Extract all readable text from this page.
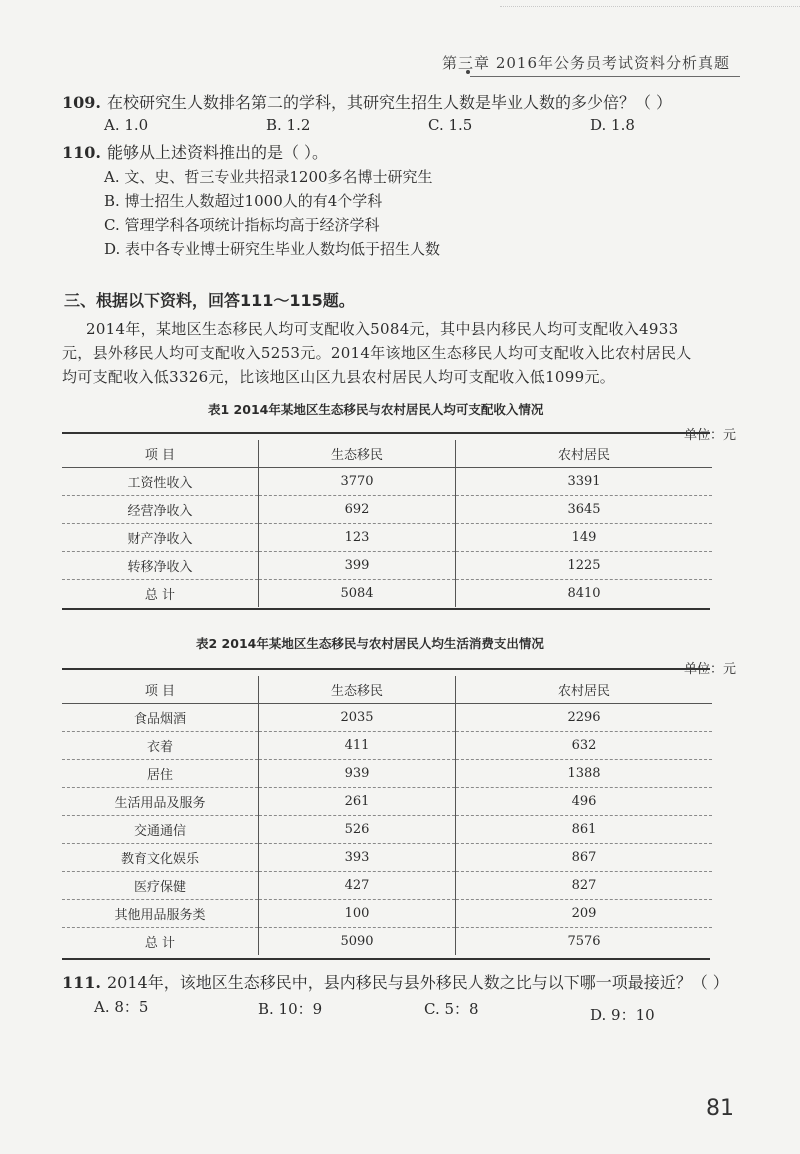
第三章 2016年公务员考试资料分析真题
109. 在校研究生人数排名第二的学科，其研究生招生人数是毕业人数的多少倍？（ ）
A. 1.0	B. 1.2	C. 1.5	D. 1.8
110. 能够从上述资料推出的是（ ）。
A. 文、史、哲三专业共招录1200多名博士研究生
B. 博士招生人数超过1000人的有4个学科
C. 管理学科各项统计指标均高于经济学科
D. 表中各专业博士研究生毕业人数均低于招生人数
三、根据以下资料，回答111～115题。
2014年，某地区生态移民人均可支配收入5084元，其中县内移民人均可支配收入4933
元，县外移民人均可支配收入5253元。2014年该地区生态移民人均可支配收入比农村居民人
均可支配收入低3326元，比该地区山区九县农村居民人均可支配收入低1099元。
表1 2014年某地区生态移民与农村居民人均可支配收入情况
单位：元
项 目	生态移民	农村居民
工资性收入	3770	3391
经营净收入	692	3645
财产净收入	123	149
转移净收入	399	1225
总 计	5084	8410
表2 2014年某地区生态移民与农村居民人均生活消费支出情况
单位：元
项 目	生态移民	农村居民
食品烟酒	2035	2296
衣着	411	632
居住	939	1388
生活用品及服务	261	496
交通通信	526	861
教育文化娱乐	393	867
医疗保健	427	827
其他用品服务类	100	209
总 计	5090	7576
111. 2014年，该地区生态移民中，县内移民与县外移民人数之比与以下哪一项最接近？（ ）
A. 8：5	B. 10：9	C. 5：8	D. 9：10
81
